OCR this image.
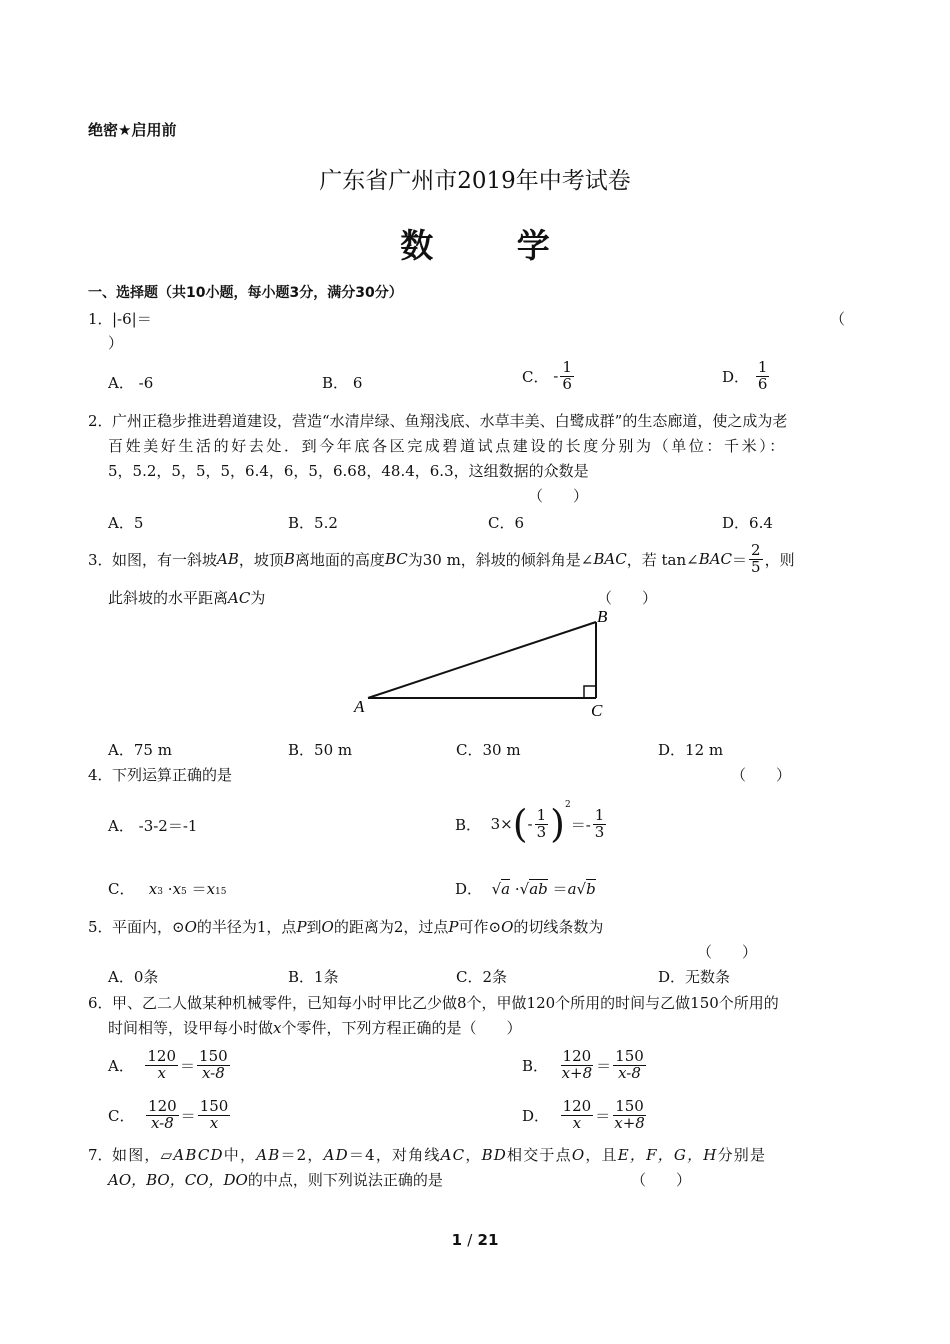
绝密★启用前
广东省广州市2019年中考试卷
数 学
一、选择题（共10小题，每小题3分，满分30分）
1． |-6|＝	（
）
A． -6	B． 6	C．
- $\frac{1}{6}$	D．
$\frac{1}{6}$
2． 广州正稳步推进碧道建设，营造“水清岸绿、鱼翔浅底、水草丰美、白鹭成群”的生态廊道，使之成为老
百姓美好生活的好去处．到今年底各区完成碧道试点建设的长度分别为（单位：千米）：
5，5.2，5，5，5，6.4，6，5，6.68，48.4，6.3，这组数据的众数是
（　　）
A．5	B．5.2	C．6	D．6.4
3． 如图，有一斜坡 AB ，坡顶 B 离地面的高度 BC 为30 m，斜坡的倾斜角是∠ BAC ，若 tan∠ BAC ＝ $\frac{2}{5}$ ，则
此斜坡的水平距离AC为	（　　）
A
B
C
A．75 m	B．50 m	C．30 m	D．12 m
4． 下列运算正确的是	（　　）
A． -3-2＝-1	B．
3× ( - $\frac{1}{3} )^2$
＝- $\frac{1}{3}$
C．
$x_3$
· $x_5$
＝ $x_{15}$	D．
√ a
· √ ab
＝ a √ b
5． 平面内，⊙O的半径为1，点P到O的距离为2，过点P可作⊙O的切线条数为
（　　）
A．0条	B．1条	C．2条	D．无数条
6． 甲、乙二人做某种机械零件，已知每小时甲比乙少做8个，甲做120个所用的时间与乙做150个所用的
时间相等，设甲每小时做x个零件，下列方程正确的是（　　）
A．
$\frac{120}{x} = \frac{150}{x-8}$	B．
$\frac{120}{x+8} = \frac{150}{x-8}$
C．
$\frac{120}{x-8} = \frac{150}{x}$	D．
$\frac{120}{x} = \frac{150}{x+8}$
7． 如图，▱ABCD中，AB＝2，AD＝4，对角线AC，BD相交于点O，且E，F，G，H分别是
AO，BO，CO，DO的中点，则下列说法正确的是	（　　）
1 / 21
